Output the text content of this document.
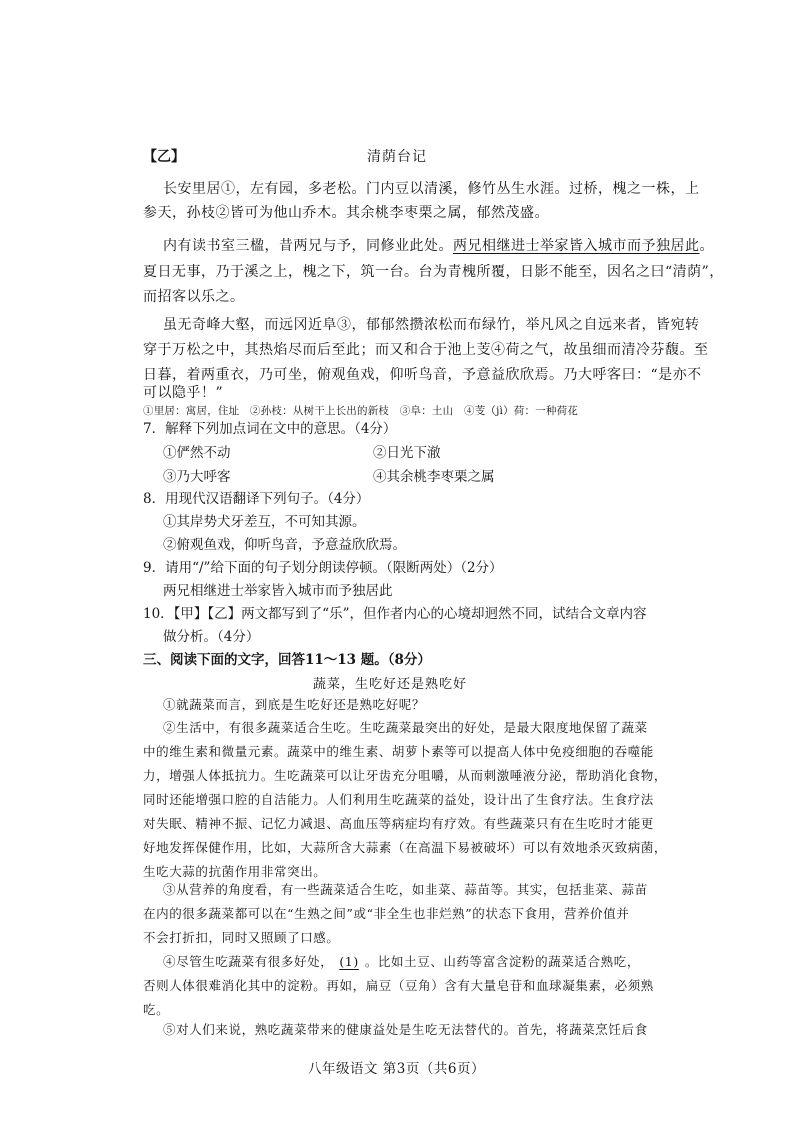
【乙】	清荫台记
长安里居①，左有园，多老松。门内豆以清溪，修竹丛生水涯。过桥，槐之一株，上
参天，孙枝②皆可为他山乔木。其余桃李枣栗之属，郁然茂盛。
内有读书室三楹，昔两兄与予，同修业此处。两兄相继进士举家皆入城市而予独居此。
夏日无事，乃于溪之上，槐之下，筑一台。台为青槐所覆，日影不能至，因名之曰“清荫”，
而招客以乐之。
虽无奇峰大壑，而远冈近阜③，郁郁然攒浓松而布绿竹，举凡风之自远来者，皆宛转
穿于万松之中，其热焰尽而后至此；而又和合于池上芰④荷之气，故虽细而清冷芬馥。至
日暮，着两重衣，乃可坐，俯观鱼戏，仰听鸟音，予意益欣欣焉。乃大呼客曰：“是亦不
可以隐乎！”
①里居：寓居，住址　②孙枝：从树干上长出的新枝　③阜：土山　④芰（jì）荷：一种荷花
7．解释下列加点词在文中的意思。（4分）
①俨然不动	②日光下澈
③乃大呼客	④其余桃李枣栗之属
8．用现代汉语翻译下列句子。（4分）
①其岸势犬牙差互，不可知其源。
②俯观鱼戏，仰听鸟音，予意益欣欣焉。
9．请用“/”给下面的句子划分朗读停顿。（限断两处）（2分）
两兄相继进士举家皆入城市而予独居此
10．【甲】【乙】两文都写到了“乐”，但作者内心的心境却迥然不同，试结合文章内容
做分析。（4分）
三、阅读下面的文字，回答11～13 题。（8分）
蔬菜，生吃好还是熟吃好
①就蔬菜而言，到底是生吃好还是熟吃好呢？
②生活中，有很多蔬菜适合生吃。生吃蔬菜最突出的好处，是最大限度地保留了蔬菜
中的维生素和微量元素。蔬菜中的维生素、胡萝卜素等可以提高人体中免疫细胞的吞噬能
力，增强人体抵抗力。生吃蔬菜可以让牙齿充分咀嚼，从而刺激唾液分泌，帮助消化食物，
同时还能增强口腔的自洁能力。人们利用生吃蔬菜的益处，设计出了生食疗法。生食疗法
对失眠、精神不振、记忆力减退、高血压等病症均有疗效。有些蔬菜只有在生吃时才能更
好地发挥保健作用，比如，大蒜所含大蒜素（在高温下易被破坏）可以有效地杀灭致病菌，
生吃大蒜的抗菌作用非常突出。
③从营养的角度看，有一些蔬菜适合生吃，如韭菜、蒜苗等。其实，包括韭菜、蒜苗
在内的很多蔬菜都可以在“生熟之间”或“非全生也非烂熟”的状态下食用，营养价值并
不会打折扣，同时又照顾了口感。
④尽管生吃蔬菜有很多好处， (1) 。比如土豆、山药等富含淀粉的蔬菜适合熟吃，
否则人体很难消化其中的淀粉。再如，扁豆（豆角）含有大量皂苷和血球凝集素，必须熟
吃。
⑤对人们来说，熟吃蔬菜带来的健康益处是生吃无法替代的。首先，将蔬菜烹饪后食
八年级语文 第3页（共6页）
